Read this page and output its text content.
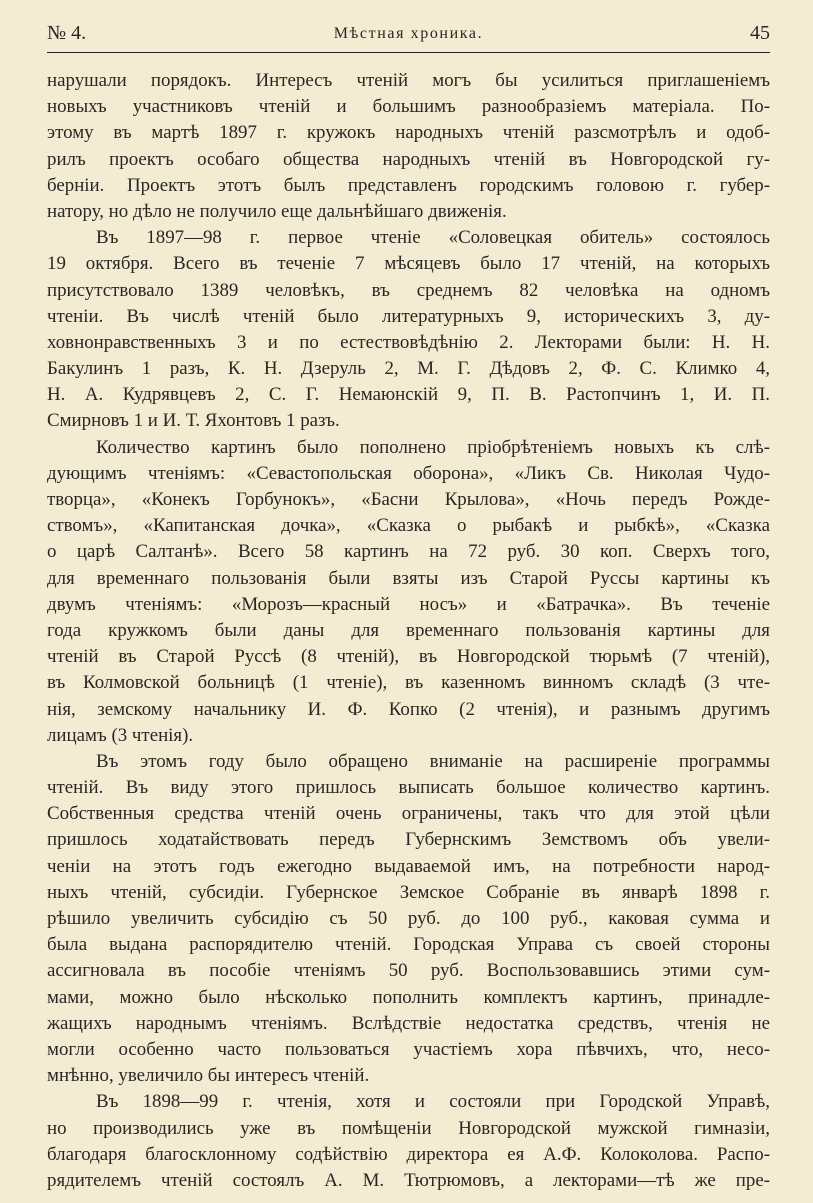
№ 4.	Мѣстная хроника.	45
нарушали порядокъ. Интересъ чтеній могъ бы усилиться приглашеніемъ
новыхъ участниковъ чтеній и большимъ разнообразіемъ матеріала. По-
этому въ мартѣ 1897 г. кружокъ народныхъ чтеній разсмотрѣлъ и одоб-
рилъ проектъ особаго общества народныхъ чтеній въ Новгородской гу-
берніи. Проектъ этотъ былъ представленъ городскимъ головою г. губер-
натору, но дѣло не получило еще дальнѣйшаго движенія.
Въ 1897—98 г. первое чтеніе «Соловецкая обитель» состоялось
19 октября. Всего въ теченіе 7 мѣсяцевъ было 17 чтеній, на которыхъ
присутствовало 1389 человѣкъ, въ среднемъ 82 человѣка на одномъ
чтеніи. Въ числѣ чтеній было литературныхъ 9, историческихъ 3, ду-
ховнонравственныхъ 3 и по естествовѣдѣнію 2. Лекторами были: Н. Н.
Бакулинъ 1 разъ, К. Н. Дзеруль 2, М. Г. Дѣдовъ 2, Ф. С. Климко 4,
Н. А. Кудрявцевъ 2, С. Г. Немаюнскій 9, П. В. Растопчинъ 1, И. П.
Смирновъ 1 и И. Т. Яхонтовъ 1 разъ.
Количество картинъ было пополнено пріобрѣтеніемъ новыхъ къ слѣ-
дующимъ чтеніямъ: «Севастопольская оборона», «Ликъ Св. Николая Чудо-
творца», «Конекъ Горбунокъ», «Басни Крылова», «Ночь передъ Рожде-
ствомъ», «Капитанская дочка», «Сказка о рыбакѣ и рыбкѣ», «Сказка
о царѣ Салтанѣ». Всего 58 картинъ на 72 руб. 30 коп. Сверхъ того,
для временнаго пользованія были взяты изъ Старой Руссы картины къ
двумъ чтеніямъ: «Морозъ—красный носъ» и «Батрачка». Въ теченіе
года кружкомъ были даны для временнаго пользованія картины для
чтеній въ Старой Руссѣ (8 чтеній), въ Новгородской тюрьмѣ (7 чтеній),
въ Колмовской больницѣ (1 чтеніе), въ казенномъ винномъ складѣ (3 чте-
нія, земскому начальнику И. Ф. Копко (2 чтенія), и разнымъ другимъ
лицамъ (3 чтенія).
Въ этомъ году было обращено вниманіе на расширеніе программы
чтеній. Въ виду этого пришлось выписать большое количество картинъ.
Собственныя средства чтеній очень ограничены, такъ что для этой цѣли
пришлось ходатайствовать передъ Губернскимъ Земствомъ объ увели-
ченіи на этотъ годъ ежегодно выдаваемой имъ, на потребности народ-
ныхъ чтеній, субсидіи. Губернское Земское Собраніе въ январѣ 1898 г.
рѣшило увеличить субсидію съ 50 руб. до 100 руб., каковая сумма и
была выдана распорядителю чтеній. Городская Управа съ своей стороны
ассигновала въ пособіе чтеніямъ 50 руб. Воспользовавшись этими сум-
мами, можно было нѣсколько пополнить комплектъ картинъ, принадле-
жащихъ народнымъ чтеніямъ. Вслѣдствіе недостатка средствъ, чтенія не
могли особенно часто пользоваться участіемъ хора пѣвчихъ, что, несо-
мнѣнно, увеличило бы интересъ чтеній.
Въ 1898—99 г. чтенія, хотя и состояли при Городской Управѣ,
но производились уже въ помѣщеніи Новгородской мужской гимназіи,
благодаря благосклонному содѣйствію директора ея А.Ф. Колоколова. Распо-
рядителемъ чтеній состоялъ А. М. Тютрюмовъ, а лекторами—тѣ же пре-
